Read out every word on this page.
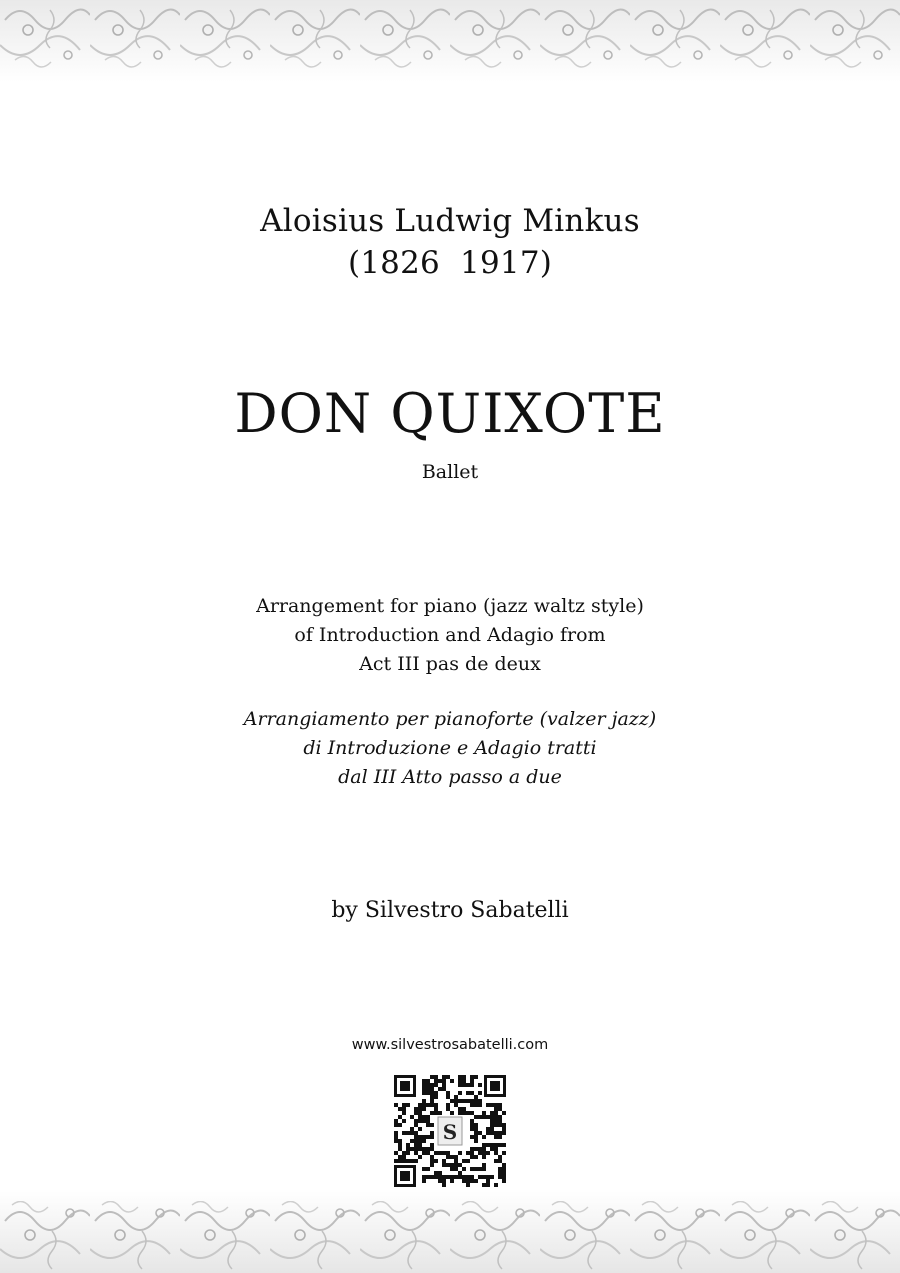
Aloisius Ludwig Minkus
(1826  1917)
DON QUIXOTE
Ballet
Arrangement for piano (jazz waltz style)
of Introduction and Adagio from
Act III pas de deux
Arrangiamento per pianoforte (valzer jazz)
di Introduzione e Adagio tratti
dal III Atto passo a due
by Silvestro Sabatelli
www.silvestrosabatelli.com
S
